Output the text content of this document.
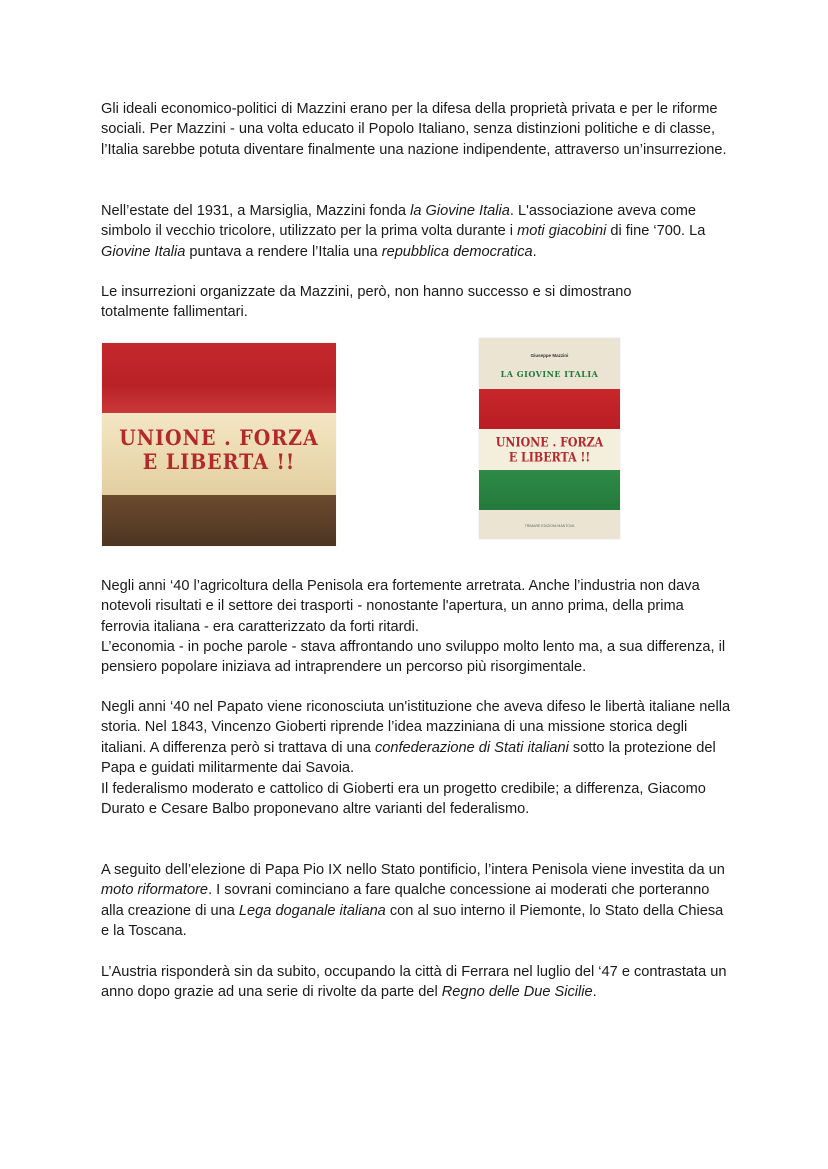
Gli ideali economico-politici di Mazzini erano per la difesa della proprietà privata e per le riforme sociali. Per Mazzini - una volta educato il Popolo Italiano, senza distinzioni politiche e di classe, l’Italia sarebbe potuta diventare finalmente una nazione indipendente, attraverso un’insurrezione.

Nell’estate del 1931, a Marsiglia, Mazzini fonda la Giovine Italia. L'associazione aveva come simbolo il vecchio tricolore, utilizzato per la prima volta durante i moti giacobini di fine ‘700. La Giovine Italia puntava a rendere l’Italia una repubblica democratica.

Le insurrezioni organizzate da Mazzini, però, non hanno successo e si dimostrano totalmente fallimentari.

UNIONE . FORZA
E LIBERTA !!
Giuseppe Mazzini
LA GIOVINE ITALIA
UNIONE . FORZA
E LIBERTA !!
TRIMARE EDIZIONI MANTOVA

Negli anni ‘40 l’agricoltura della Penisola era fortemente arretrata. Anche l’industria non dava notevoli risultati e il settore dei trasporti - nonostante l'apertura, un anno prima, della prima ferrovia italiana - era caratterizzato da forti ritardi.

L’economia - in poche parole - stava affrontando uno sviluppo molto lento ma, a sua differenza, il pensiero popolare iniziava ad intraprendere un percorso più risorgimentale.

Negli anni ‘40 nel Papato viene riconosciuta un'istituzione che aveva difeso le libertà italiane nella storia. Nel 1843, Vincenzo Gioberti riprende l’idea mazziniana di una missione storica degli italiani. A differenza però si trattava di una confederazione di Stati italiani sotto la protezione del Papa e guidati militarmente dai Savoia.

Il federalismo moderato e cattolico di Gioberti era un progetto credibile; a differenza, Giacomo Durato e Cesare Balbo proponevano altre varianti del federalismo.

A seguito dell’elezione di Papa Pio IX nello Stato pontificio, l’intera Penisola viene investita da un moto riformatore. I sovrani cominciano a fare qualche concessione ai moderati che porteranno alla creazione di una Lega doganale italiana con al suo interno il Piemonte, lo Stato della Chiesa e la Toscana.

L’Austria risponderà sin da subito, occupando la città di Ferrara nel luglio del ‘47 e contrastata un anno dopo grazie ad una serie di rivolte da parte del Regno delle Due Sicilie.
